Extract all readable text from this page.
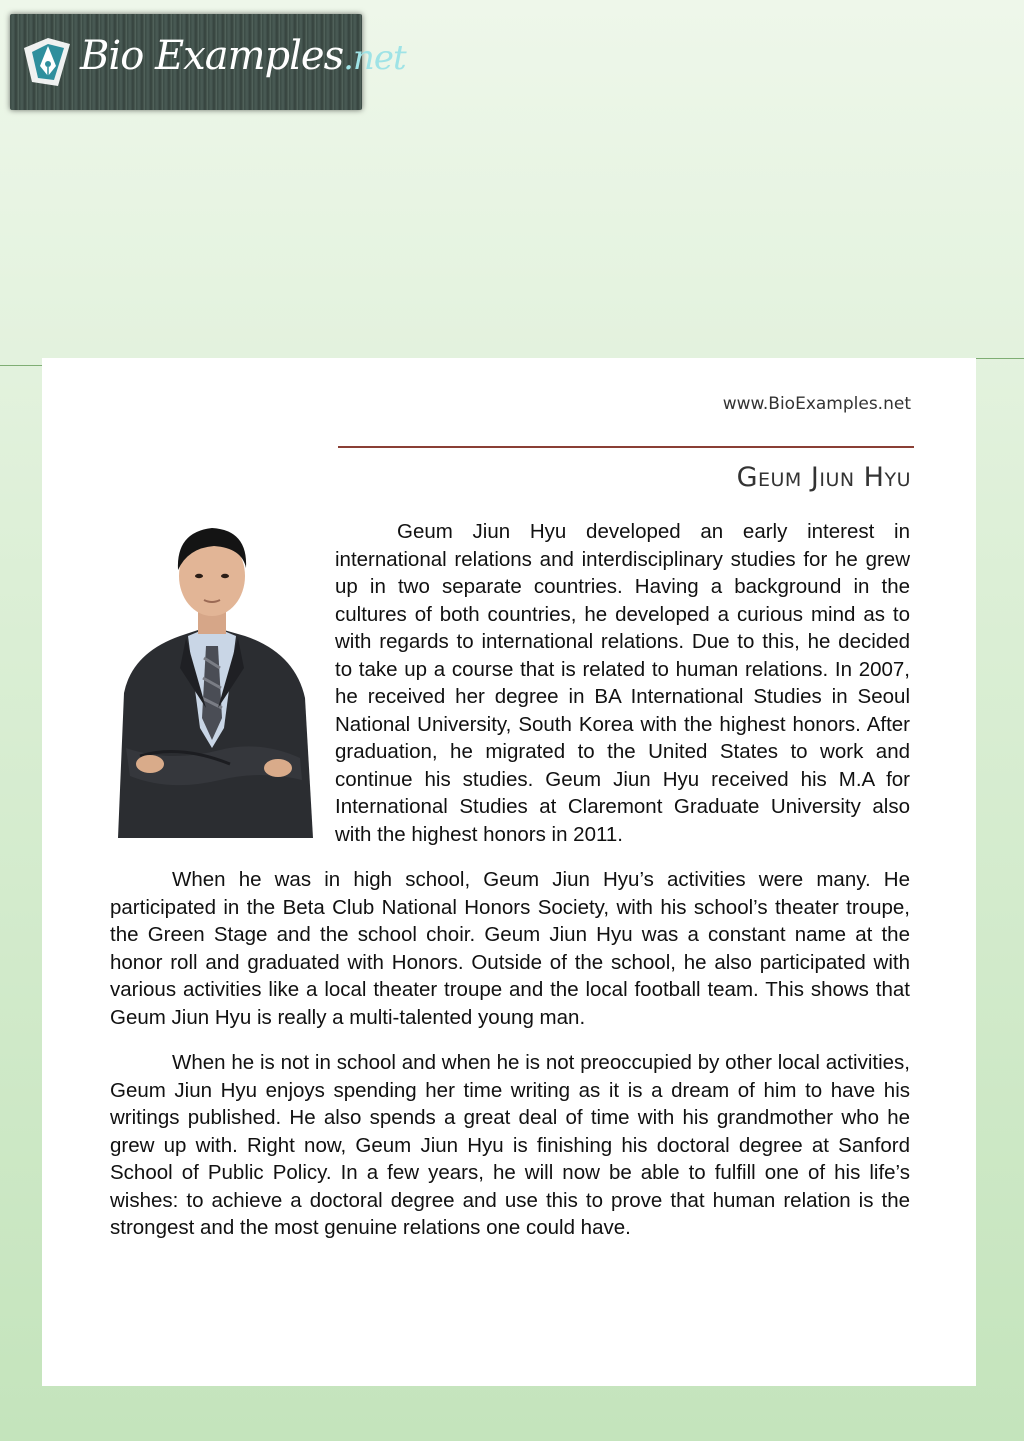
Bio Examples.net
www.BioExamples.net
Geum Jiun Hyu

Geum Jiun Hyu developed an early interest in international relations and interdisciplinary studies for he grew up in two separate countries. Having a background in the cultures of both countries, he developed a curious mind as to with regards to international relations. Due to this, he decided to take up a course that is related to human relations. In 2007, he received her degree in BA International Studies in Seoul National University, South Korea with the highest honors. After graduation, he migrated to the United States to work and continue his studies. Geum Jiun Hyu received his M.A for International Studies at Claremont Graduate University also with the highest honors in 2011.

When he was in high school, Geum Jiun Hyu’s activities were many. He participated in the Beta Club National Honors Society, with his school’s theater troupe, the Green Stage and the school choir. Geum Jiun Hyu was a constant name at the honor roll and graduated with Honors. Outside of the school, he also participated with various activities like a local theater troupe and the local football team. This shows that Geum Jiun Hyu is really a multi-talented young man.

When he is not in school and when he is not preoccupied by other local activities, Geum Jiun Hyu enjoys spending her time writing as it is a dream of him to have his writings published. He also spends a great deal of time with his grandmother who he grew up with. Right now, Geum Jiun Hyu is finishing his doctoral degree at Sanford School of Public Policy. In a few years, he will now be able to fulfill one of his life’s wishes: to achieve a doctoral degree and use this to prove that human relation is the strongest and the most genuine relations one could have.
